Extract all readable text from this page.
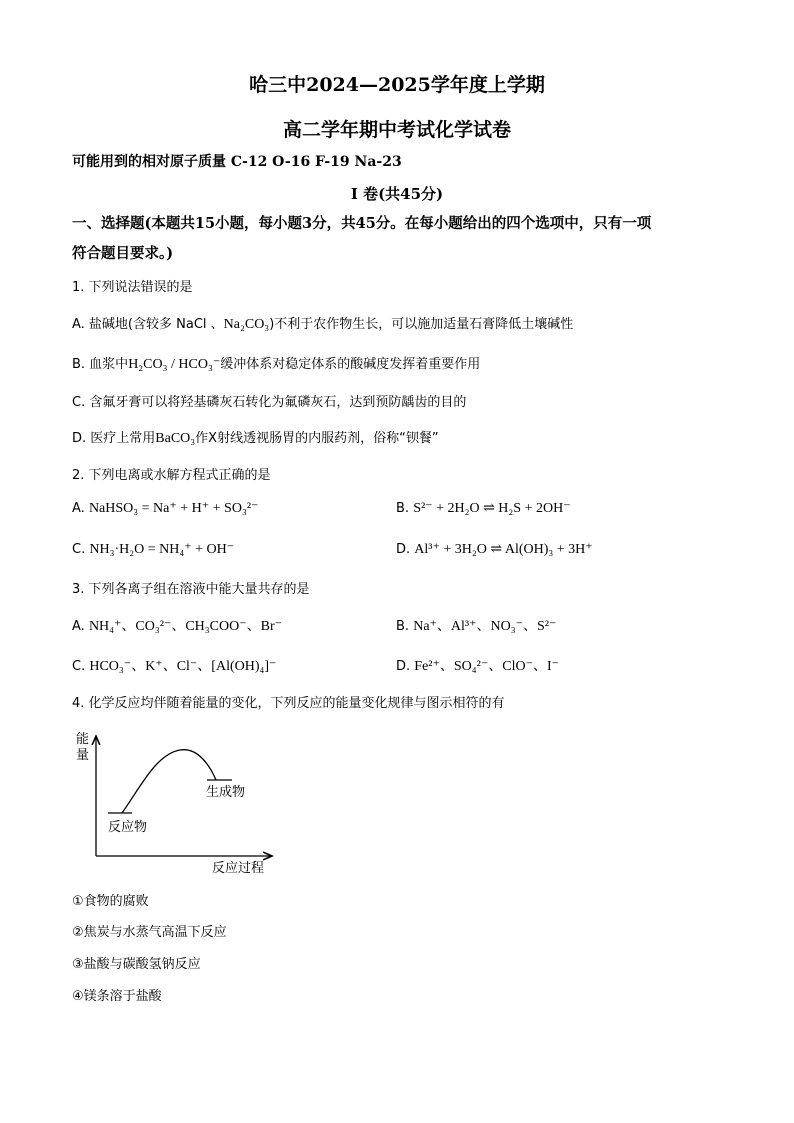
哈三中2024—2025学年度上学期
高二学年期中考试化学试卷
可能用到的相对原子质量 C-12 O-16 F-19 Na-23
I 卷(共45分)
一、选择题(本题共15小题，每小题3分，共45分。在每小题给出的四个选项中，只有一项
符合题目要求。)
1. 下列说法错误的是
A. 盐碱地(含较多 NaCl 、Na₂CO₃)不利于农作物生长，可以施加适量石膏降低土壤碱性
B. 血浆中H₂CO₃ / HCO₃⁻缓冲体系对稳定体系的酸碱度发挥着重要作用
C. 含氟牙膏可以将羟基磷灰石转化为氟磷灰石，达到预防龋齿的目的
D. 医疗上常用BaCO₃作X射线透视肠胃的内服药剂，俗称“钡餐”
2. 下列电离或水解方程式正确的是
A. NaHSO₃ = Na⁺ + H⁺ + SO₃²⁻	B. S²⁻ + 2H₂O ⇌ H₂S + 2OH⁻
C. NH₃·H₂O = NH₄⁺ + OH⁻	D. Al³⁺ + 3H₂O ⇌ Al(OH)₃ + 3H⁺
3. 下列各离子组在溶液中能大量共存的是
A. NH₄⁺、CO₃²⁻、CH₃COO⁻、Br⁻	B. Na⁺、Al³⁺、NO₃⁻、S²⁻
C. HCO₃⁻、K⁺、Cl⁻、[Al(OH)₄]⁻	D. Fe²⁺、SO₄²⁻、ClO⁻、I⁻
4. 化学反应均伴随着能量的变化，下列反应的能量变化规律与图示相符的有
能
量
反应物
生成物
反应过程
①食物的腐败
②焦炭与水蒸气高温下反应
③盐酸与碳酸氢钠反应
④镁条溶于盐酸
